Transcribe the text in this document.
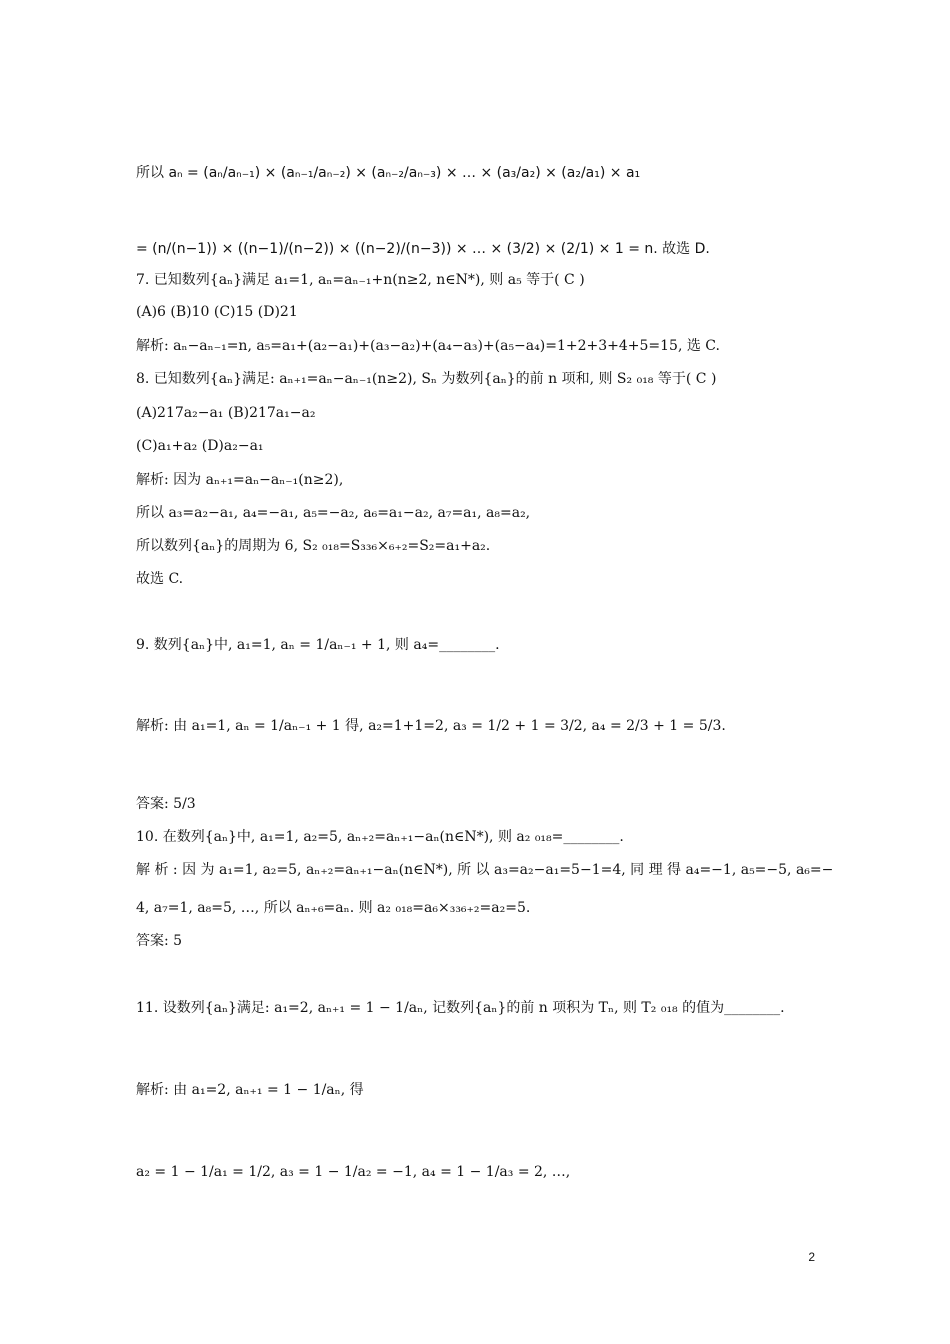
所以 aₙ = (aₙ/aₙ₋₁) × (aₙ₋₁/aₙ₋₂) × (aₙ₋₂/aₙ₋₃) × … × (a₃/a₂) × (a₂/a₁) × a₁
= (n/(n−1)) × ((n−1)/(n−2)) × ((n−2)/(n−3)) × … × (3/2) × (2/1) × 1 = n. 故选 D.
7. 已知数列{aₙ}满足 a₁=1, aₙ=aₙ₋₁+n(n≥2, n∈N*), 则 a₅ 等于( C )
(A)6 (B)10 (C)15 (D)21
解析: aₙ−aₙ₋₁=n, a₅=a₁+(a₂−a₁)+(a₃−a₂)+(a₄−a₃)+(a₅−a₄)=1+2+3+4+5=15, 选 C.
8. 已知数列{aₙ}满足: aₙ₊₁=aₙ−aₙ₋₁(n≥2), Sₙ 为数列{aₙ}的前 n 项和, 则 S₂ ₀₁₈ 等于( C )
(A)217a₂−a₁ (B)217a₁−a₂
(C)a₁+a₂ (D)a₂−a₁
解析: 因为 aₙ₊₁=aₙ−aₙ₋₁(n≥2),
所以 a₃=a₂−a₁, a₄=−a₁, a₅=−a₂, a₆=a₁−a₂, a₇=a₁, a₈=a₂,
所以数列{aₙ}的周期为 6, S₂ ₀₁₈=S₃₃₆×₆₊₂=S₂=a₁+a₂.
故选 C.
9. 数列{aₙ}中, a₁=1, aₙ = 1/aₙ₋₁ + 1, 则 a₄=________.
解析: 由 a₁=1, aₙ = 1/aₙ₋₁ + 1 得, a₂=1+1=2, a₃ = 1/2 + 1 = 3/2, a₄ = 2/3 + 1 = 5/3.
答案: 5/3
10. 在数列{aₙ}中, a₁=1, a₂=5, aₙ₊₂=aₙ₊₁−aₙ(n∈N*), 则 a₂ ₀₁₈=________.
解 析 : 因 为 a₁=1, a₂=5, aₙ₊₂=aₙ₊₁−aₙ(n∈N*), 所 以 a₃=a₂−a₁=5−1=4, 同 理 得 a₄=−1, a₅=−5, a₆=−
4, a₇=1, a₈=5, …, 所以 aₙ₊₆=aₙ. 则 a₂ ₀₁₈=a₆×₃₃₆₊₂=a₂=5.
答案: 5
11. 设数列{aₙ}满足: a₁=2, aₙ₊₁ = 1 − 1/aₙ, 记数列{aₙ}的前 n 项积为 Tₙ, 则 T₂ ₀₁₈ 的值为________.
解析: 由 a₁=2, aₙ₊₁ = 1 − 1/aₙ, 得
a₂ = 1 − 1/a₁ = 1/2, a₃ = 1 − 1/a₂ = −1, a₄ = 1 − 1/a₃ = 2, …,
2
